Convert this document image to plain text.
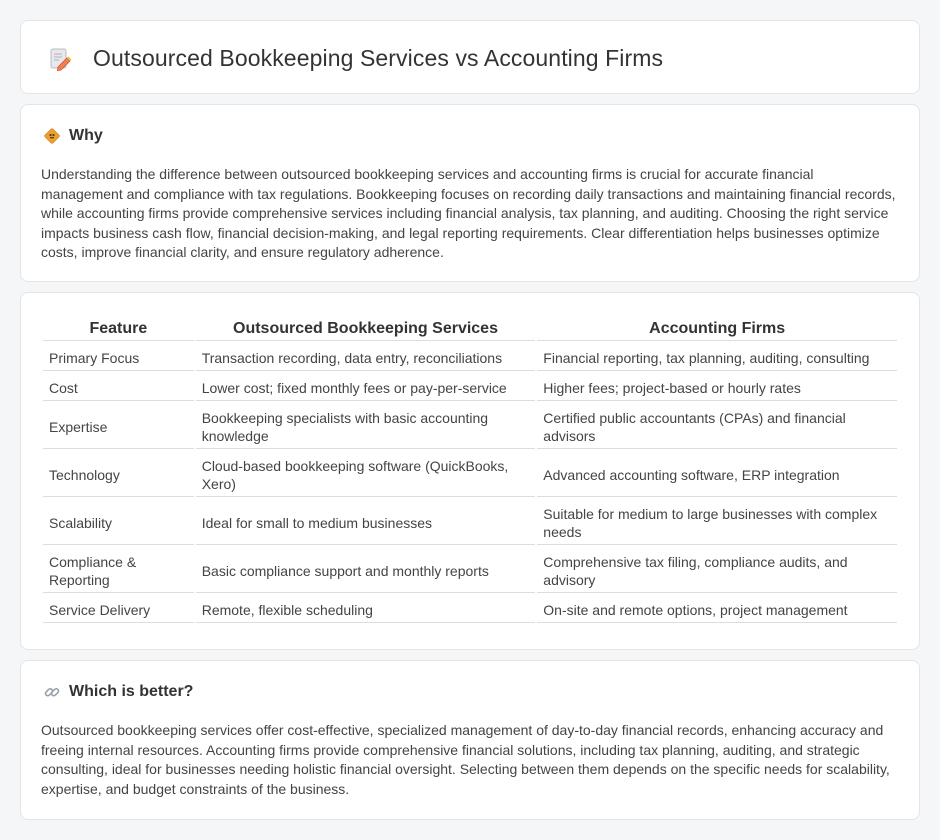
Outsourced Bookkeeping Services vs Accounting Firms
Why

Understanding the difference between outsourced bookkeeping services and accounting firms is crucial for accurate financial management and compliance with tax regulations. Bookkeeping focuses on recording daily transactions and maintaining financial records, while accounting firms provide comprehensive services including financial analysis, tax planning, and auditing. Choosing the right service impacts business cash flow, financial decision-making, and legal reporting requirements. Clear differentiation helps businesses optimize costs, improve financial clarity, and ensure regulatory adherence.

Feature	Outsourced Bookkeeping Services	Accounting Firms
Primary Focus	Transaction recording, data entry, reconciliations	Financial reporting, tax planning, auditing, consulting
Cost	Lower cost; fixed monthly fees or pay-per-service	Higher fees; project-based or hourly rates
Expertise	Bookkeeping specialists with basic accounting knowledge	Certified public accountants (CPAs) and financial advisors
Technology	Cloud-based bookkeeping software (QuickBooks, Xero)	Advanced accounting software, ERP integration
Scalability	Ideal for small to medium businesses	Suitable for medium to large businesses with complex needs
Compliance & Reporting	Basic compliance support and monthly reports	Comprehensive tax filing, compliance audits, and advisory
Service Delivery	Remote, flexible scheduling	On-site and remote options, project management
Which is better?

Outsourced bookkeeping services offer cost-effective, specialized management of day-to-day financial records, enhancing accuracy and freeing internal resources. Accounting firms provide comprehensive financial solutions, including tax planning, auditing, and strategic consulting, ideal for businesses needing holistic financial oversight. Selecting between them depends on the specific needs for scalability, expertise, and budget constraints of the business.
